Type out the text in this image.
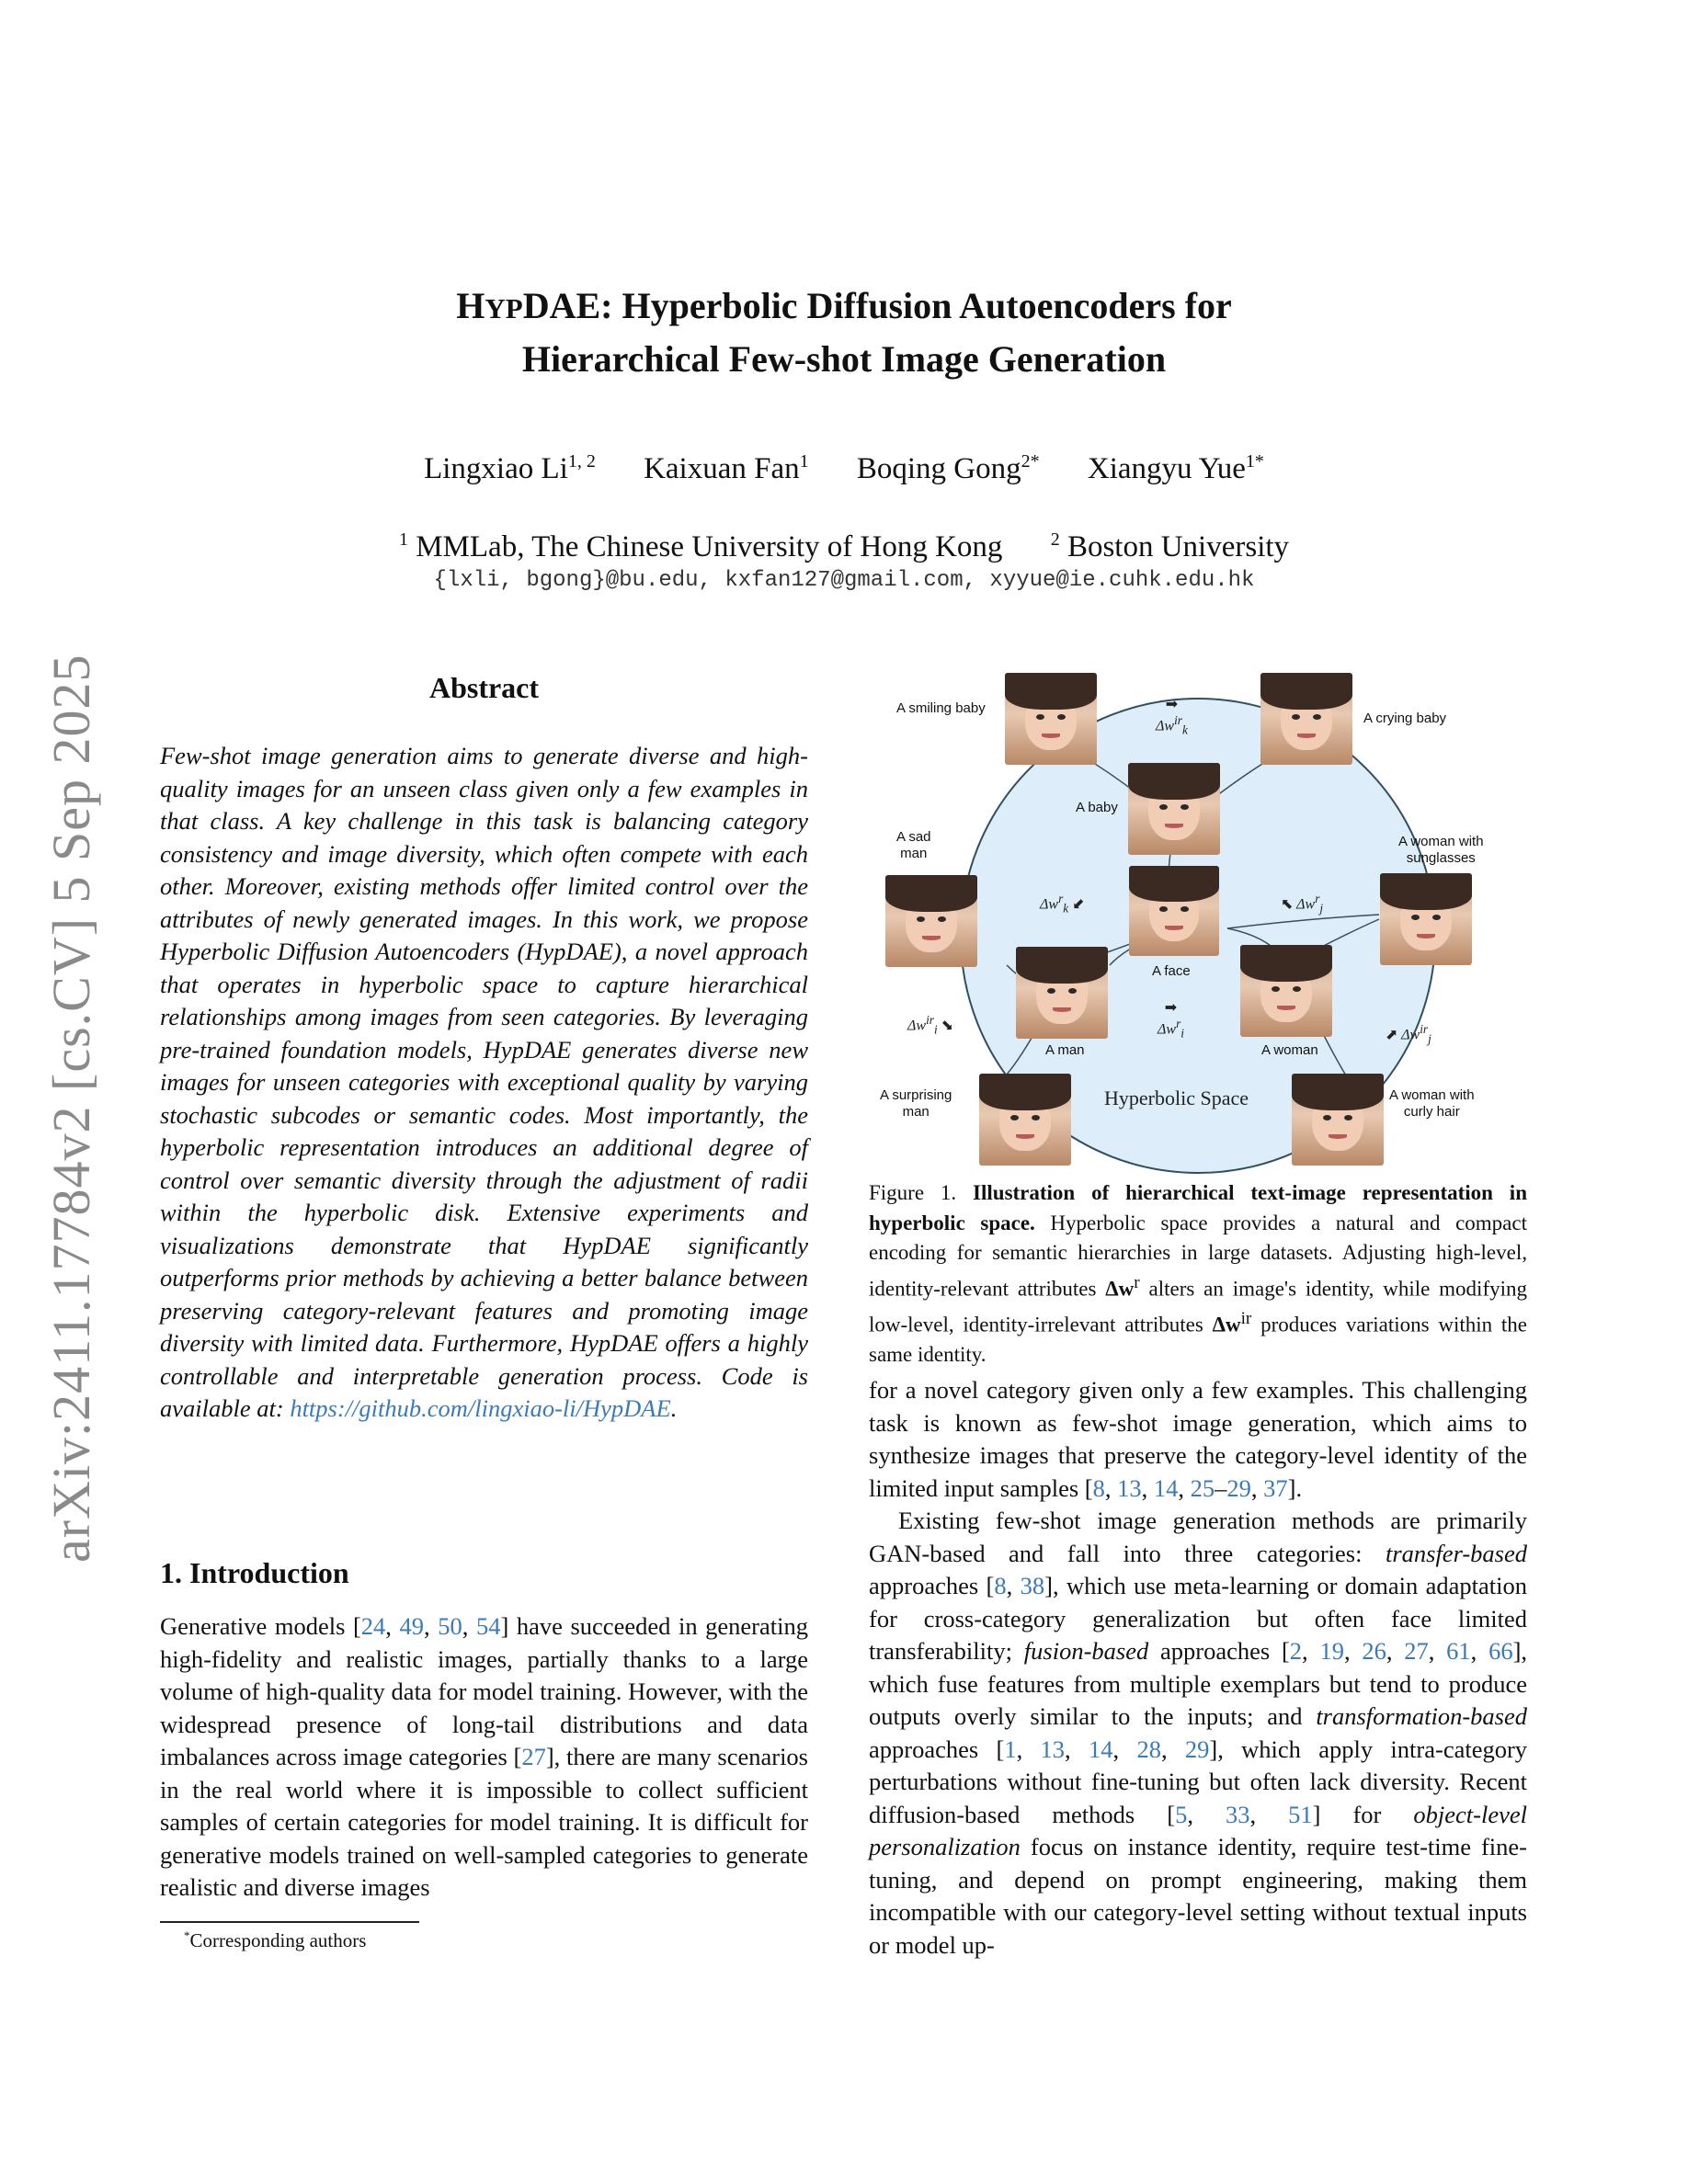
arXiv:2411.17784v2 [cs.CV] 5 Sep 2025
HYPDAE: Hyperbolic Diffusion Autoencoders for
Hierarchical Few-shot Image Generation
Lingxiao Li$^{1, 2}$ Kaixuan Fan$^1$ Boqing Gong$^{2*}$ Xiangyu Yue$^{1*}$
$^1$ MMLab, The Chinese University of Hong Kong	$^2$ Boston University
{lxli, bgong}@bu.edu, kxfan127@gmail.com, xyyue@ie.cuhk.edu.hk
Abstract
Few-shot image generation aims to generate diverse and high-quality images for an unseen class given only a few examples in that class. A key challenge in this task is balancing category consistency and image diversity, which often compete with each other. Moreover, existing methods offer limited control over the attributes of newly generated images. In this work, we propose Hyperbolic Diffusion Autoencoders (HypDAE), a novel approach that operates in hyperbolic space to capture hierarchical relationships among images from seen categories. By leveraging pre-trained foundation models, HypDAE generates diverse new images for unseen categories with exceptional quality by varying stochastic subcodes or semantic codes. Most importantly, the hyperbolic representation introduces an additional degree of control over semantic diversity through the adjustment of radii within the hyperbolic disk. Extensive experiments and visualizations demonstrate that HypDAE significantly outperforms prior methods by achieving a better balance between preserving category-relevant features and promoting image diversity with limited data. Furthermore, HypDAE offers a highly controllable and interpretable generation process. Code is available at: https://github.com/lingxiao-li/HypDAE.
1. Introduction
Generative models [24, 49, 50, 54] have succeeded in generating high-fidelity and realistic images, partially thanks to a large volume of high-quality data for model training. However, with the widespread presence of long-tail distributions and data imbalances across image categories [27], there are many scenarios in the real world where it is impossible to collect sufficient samples of certain categories for model training. It is difficult for generative models trained on well-sampled categories to generate realistic and diverse images
*Corresponding authors
A smiling baby
A crying baby
A baby
A sad
man
A woman with
sunglasses
A face
A man	A woman
A surprising
man
A woman with
curly hair
Hyperbolic Space
➡
$\Delta w^{ir}_k$
$\Delta w^r_k$ ⬋	⬉ $\Delta w^r_j$
➡
$\Delta w^r_i$
$\Delta w^{ir}_i$ ⬊
⬈ $\Delta w^{ir}_j$
Figure 1. Illustration of hierarchical text-image representation in hyperbolic space. Hyperbolic space provides a natural and compact encoding for semantic hierarchies in large datasets. Adjusting high-level, identity-relevant attributes $\Delta w^r$ alters an image's identity, while modifying low-level, identity-irrelevant attributes $\Delta w^{ir}$ produces variations within the same identity.

for a novel category given only a few examples. This challenging task is known as few-shot image generation, which aims to synthesize images that preserve the category-level identity of the limited input samples [8, 13, 14, 25–29, 37].

Existing few-shot image generation methods are primarily GAN-based and fall into three categories: transfer-based approaches [8, 38], which use meta-learning or domain adaptation for cross-category generalization but often face limited transferability; fusion-based approaches [2, 19, 26, 27, 61, 66], which fuse features from multiple exemplars but tend to produce outputs overly similar to the inputs; and transformation-based approaches [1, 13, 14, 28, 29], which apply intra-category perturbations without fine-tuning but often lack diversity. Recent diffusion-based methods [5, 33, 51] for object-level personalization focus on instance identity, require test-time fine-tuning, and depend on prompt engineering, making them incompatible with our category-level setting without textual inputs or model up-
